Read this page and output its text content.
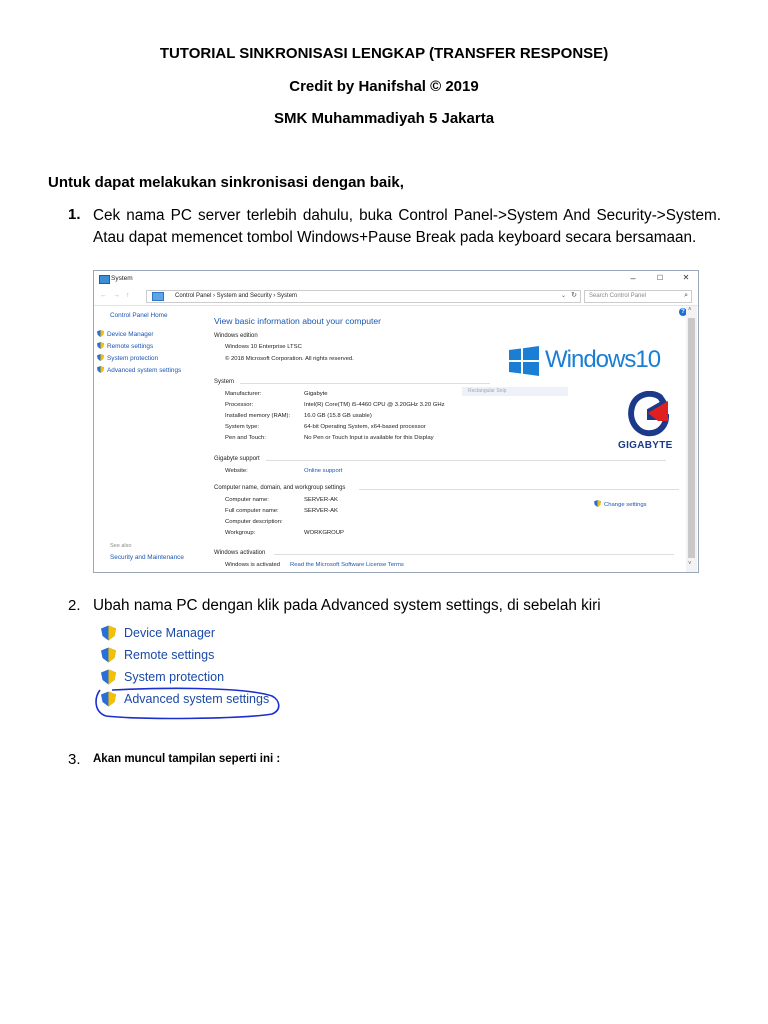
TUTORIAL SINKRONISASI LENGKAP (TRANSFER RESPONSE)
Credit by Hanifshal © 2019
SMK Muhammadiyah 5 Jakarta
Untuk dapat melakukan sinkronisasi dengan baik,
1. Cek nama PC server terlebih dahulu, buka Control Panel->System And Security->System. Atau dapat memencet tombol Windows+Pause Break pada keyboard secara bersamaan.
System	–	☐	✕
←→↑	Control Panel › System and Security › System	⌄ ↻ Search Control Panel	⌕
Control Panel Home
Device Manager
Remote settings
System protection
Advanced system settings
See also
Security and Maintenance
View basic information about your computer
Windows edition
Windows 10 Enterprise LTSC
© 2018 Microsoft Corporation. All rights reserved.	Windows10
Rectangular Snip
System
Manufacturer:	Gigabyte
Processor:	Intel(R) Core(TM) i5-4460 CPU @ 3.20GHz 3.20 GHz
Installed memory (RAM): 16.0 GB (15.8 GB usable)
System type:	64-bit Operating System, x64-based processor
Pen and Touch:	No Pen or Touch Input is available for this Display
GIGABYTE
Gigabyte support
Website:	Online support
Computer name, domain, and workgroup settings
Computer name:	SERVER-AK
Full computer name:	SERVER-AK
Computer description:
Workgroup:	WORKGROUP
Change settings
Windows activation
Windows is activated Read the Microsoft Software License Terms
? ˄
˅
2. Ubah nama PC dengan klik pada Advanced system settings, di sebelah kiri
Device Manager
Remote settings
System protection
Advanced system settings
3. Akan muncul tampilan seperti ini :
